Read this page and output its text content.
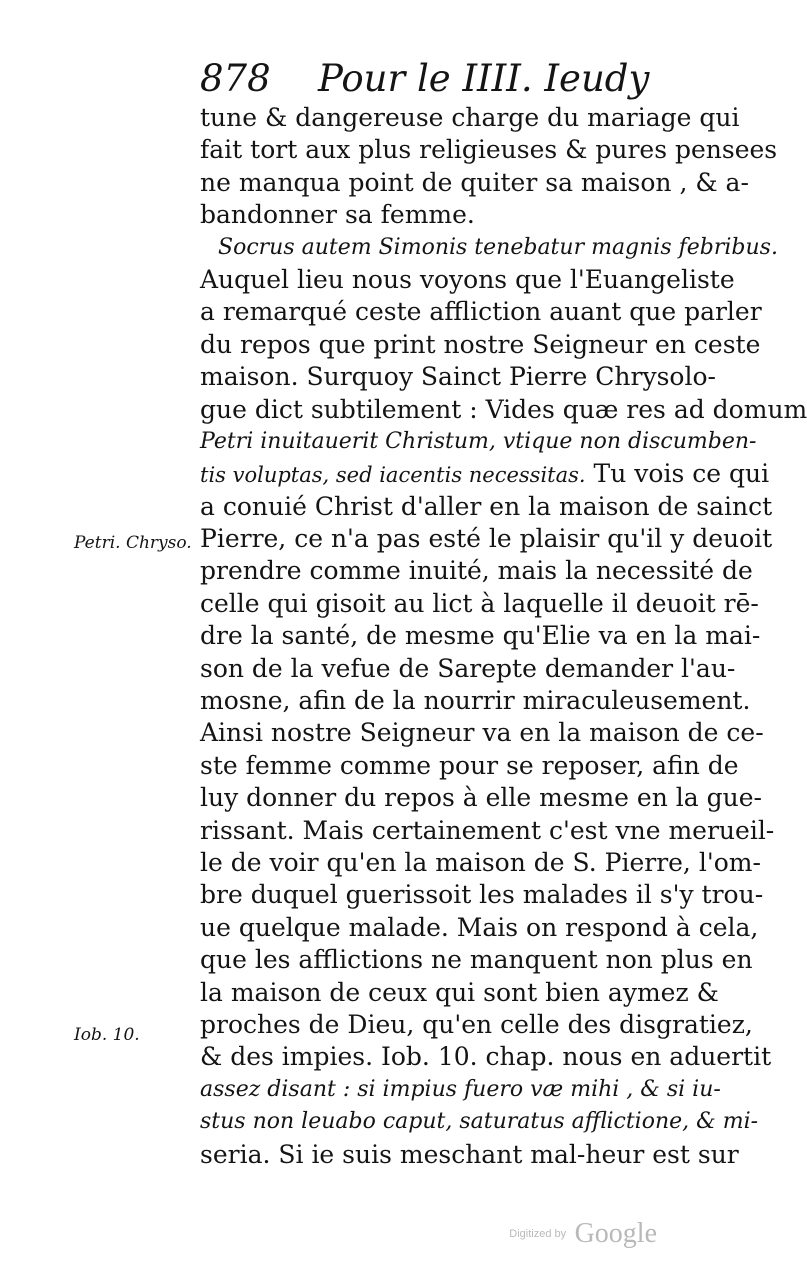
878 Pour le IIII. Ieudy
tune & dangereuse charge du mariage qui
fait tort aux plus religieuses & pures pensees
ne manqua point de quiter sa maison , & a-
bandonner sa femme.
Socrus autem Simonis tenebatur magnis febribus.
Auquel lieu nous voyons que l'Euangeliste
a remarqué ceste affliction auant que parler
du repos que print nostre Seigneur en ceste
maison. Surquoy Sainct Pierre Chrysolo-
gue dict subtilement : Vides quæ res ad domum
Petri inuitauerit Christum, vtique non discumben-
tis voluptas, sed iacentis necessitas. Tu vois ce qui
a conuié Christ d'aller en la maison de sainct
Pierre, ce n'a pas esté le plaisir qu'il y deuoit
prendre comme inuité, mais la necessité de
celle qui gisoit au lict à laquelle il deuoit rē-
dre la santé, de mesme qu'Elie va en la mai-
son de la vefue de Sarepte demander l'au-
mosne, afin de la nourrir miraculeusement.
Ainsi nostre Seigneur va en la maison de ce-
ste femme comme pour se reposer, afin de
luy donner du repos à elle mesme en la gue-
rissant. Mais certainement c'est vne merueil-
le de voir qu'en la maison de S. Pierre, l'om-
bre duquel guerissoit les malades il s'y trou-
ue quelque malade. Mais on respond à cela,
que les afflictions ne manquent non plus en
la maison de ceux qui sont bien aymez &
proches de Dieu, qu'en celle des disgratiez,
& des impies. Iob. 10. chap. nous en aduertit
assez disant : si impius fuero væ mihi , & si iu-
stus non leuabo caput, saturatus afflictione, & mi-
seria. Si ie suis meschant mal-heur est sur
Petri. Chryso.
Iob. 10.
Digitized by Google
